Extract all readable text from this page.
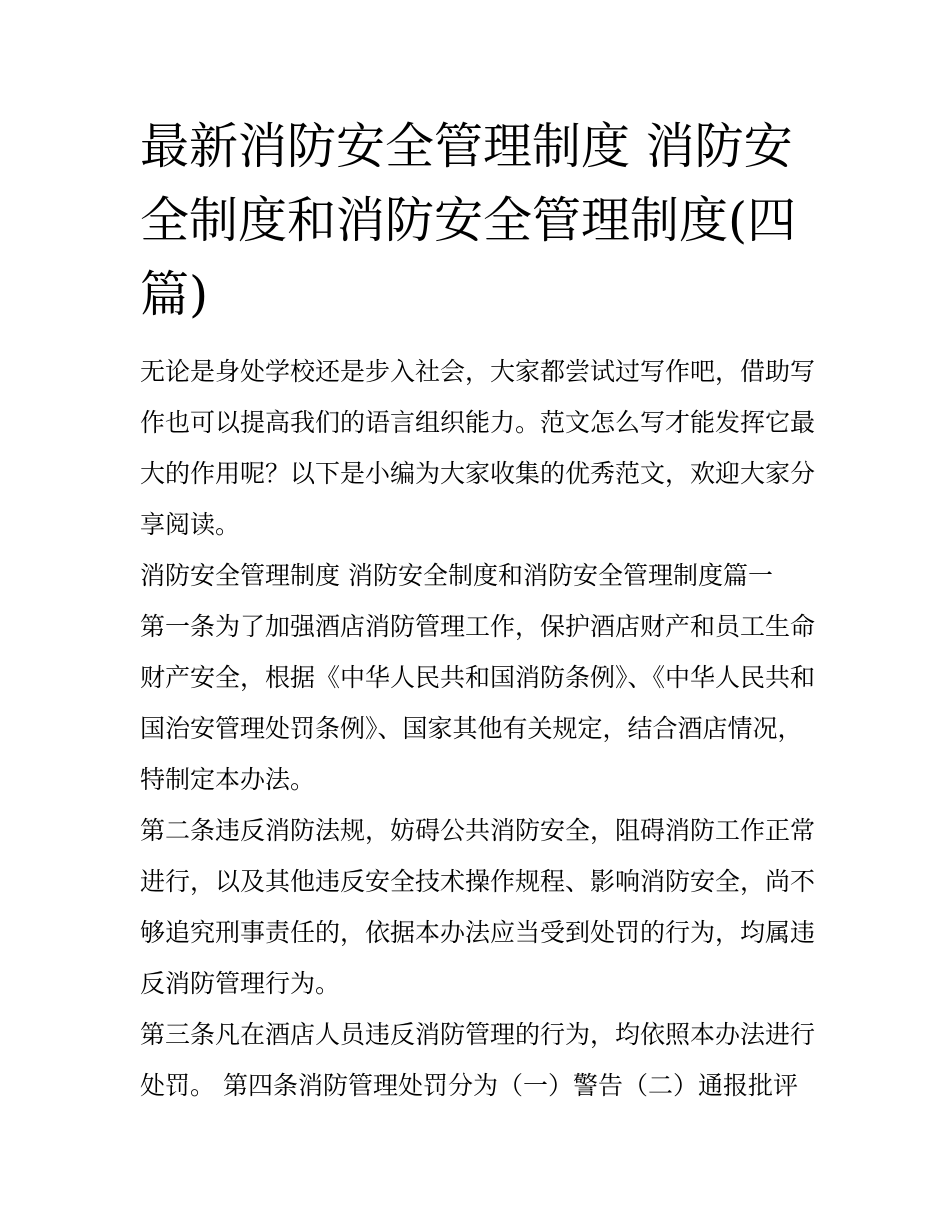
最新消防安全管理制度 消防安全制度和消防安全管理制度(四篇)

无论是身处学校还是步入社会，大家都尝试过写作吧，借助写作也可以提高我们的语言组织能力。范文怎么写才能发挥它最大的作用呢？以下是小编为大家收集的优秀范文，欢迎大家分享阅读。

消防安全管理制度 消防安全制度和消防安全管理制度篇一

第一条为了加强酒店消防管理工作，保护酒店财产和员工生命财产安全，根据《中华人民共和国消防条例》、《中华人民共和国治安管理处罚条例》、国家其他有关规定，结合酒店情况，特制定本办法。

第二条违反消防法规，妨碍公共消防安全，阻碍消防工作正常进行，以及其他违反安全技术操作规程、影响消防安全，尚不够追究刑事责任的，依据本办法应当受到处罚的行为，均属违反消防管理行为。

第三条凡在酒店人员违反消防管理的行为，均依照本办法进行处罚。 第四条消防管理处罚分为（一）警告（二）通报批评
